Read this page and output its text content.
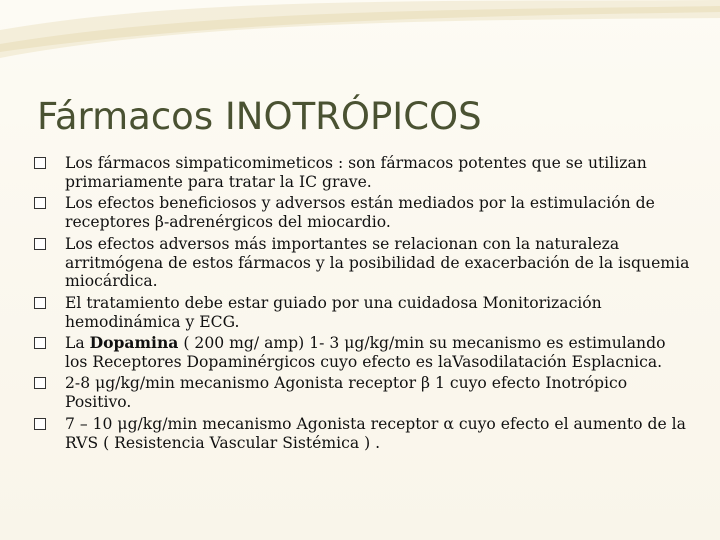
Fármacos INOTRÓPICOS
Los fármacos simpaticomimeticos : son fármacos potentes que se utilizan primariamente para tratar la IC grave.
Los efectos beneficiosos y adversos están mediados por la estimulación de receptores β-adrenérgicos del miocardio.
Los efectos adversos más importantes se relacionan con la naturaleza arritmógena de estos fármacos y la posibilidad de exacerbación de la isquemia miocárdica.
El tratamiento debe estar guiado por una cuidadosa Monitorización hemodinámica y ECG.
La Dopamina ( 200 mg/ amp) 1- 3 μg/kg/min su mecanismo es estimulando los Receptores Dopaminérgicos cuyo efecto es laVasodilatación Esplacnica.
2-8 μg/kg/min mecanismo Agonista receptor β 1 cuyo efecto Inotrópico Positivo.
7 – 10 μg/kg/min mecanismo Agonista receptor α cuyo efecto el aumento de la RVS ( Resistencia Vascular Sistémica ) .
